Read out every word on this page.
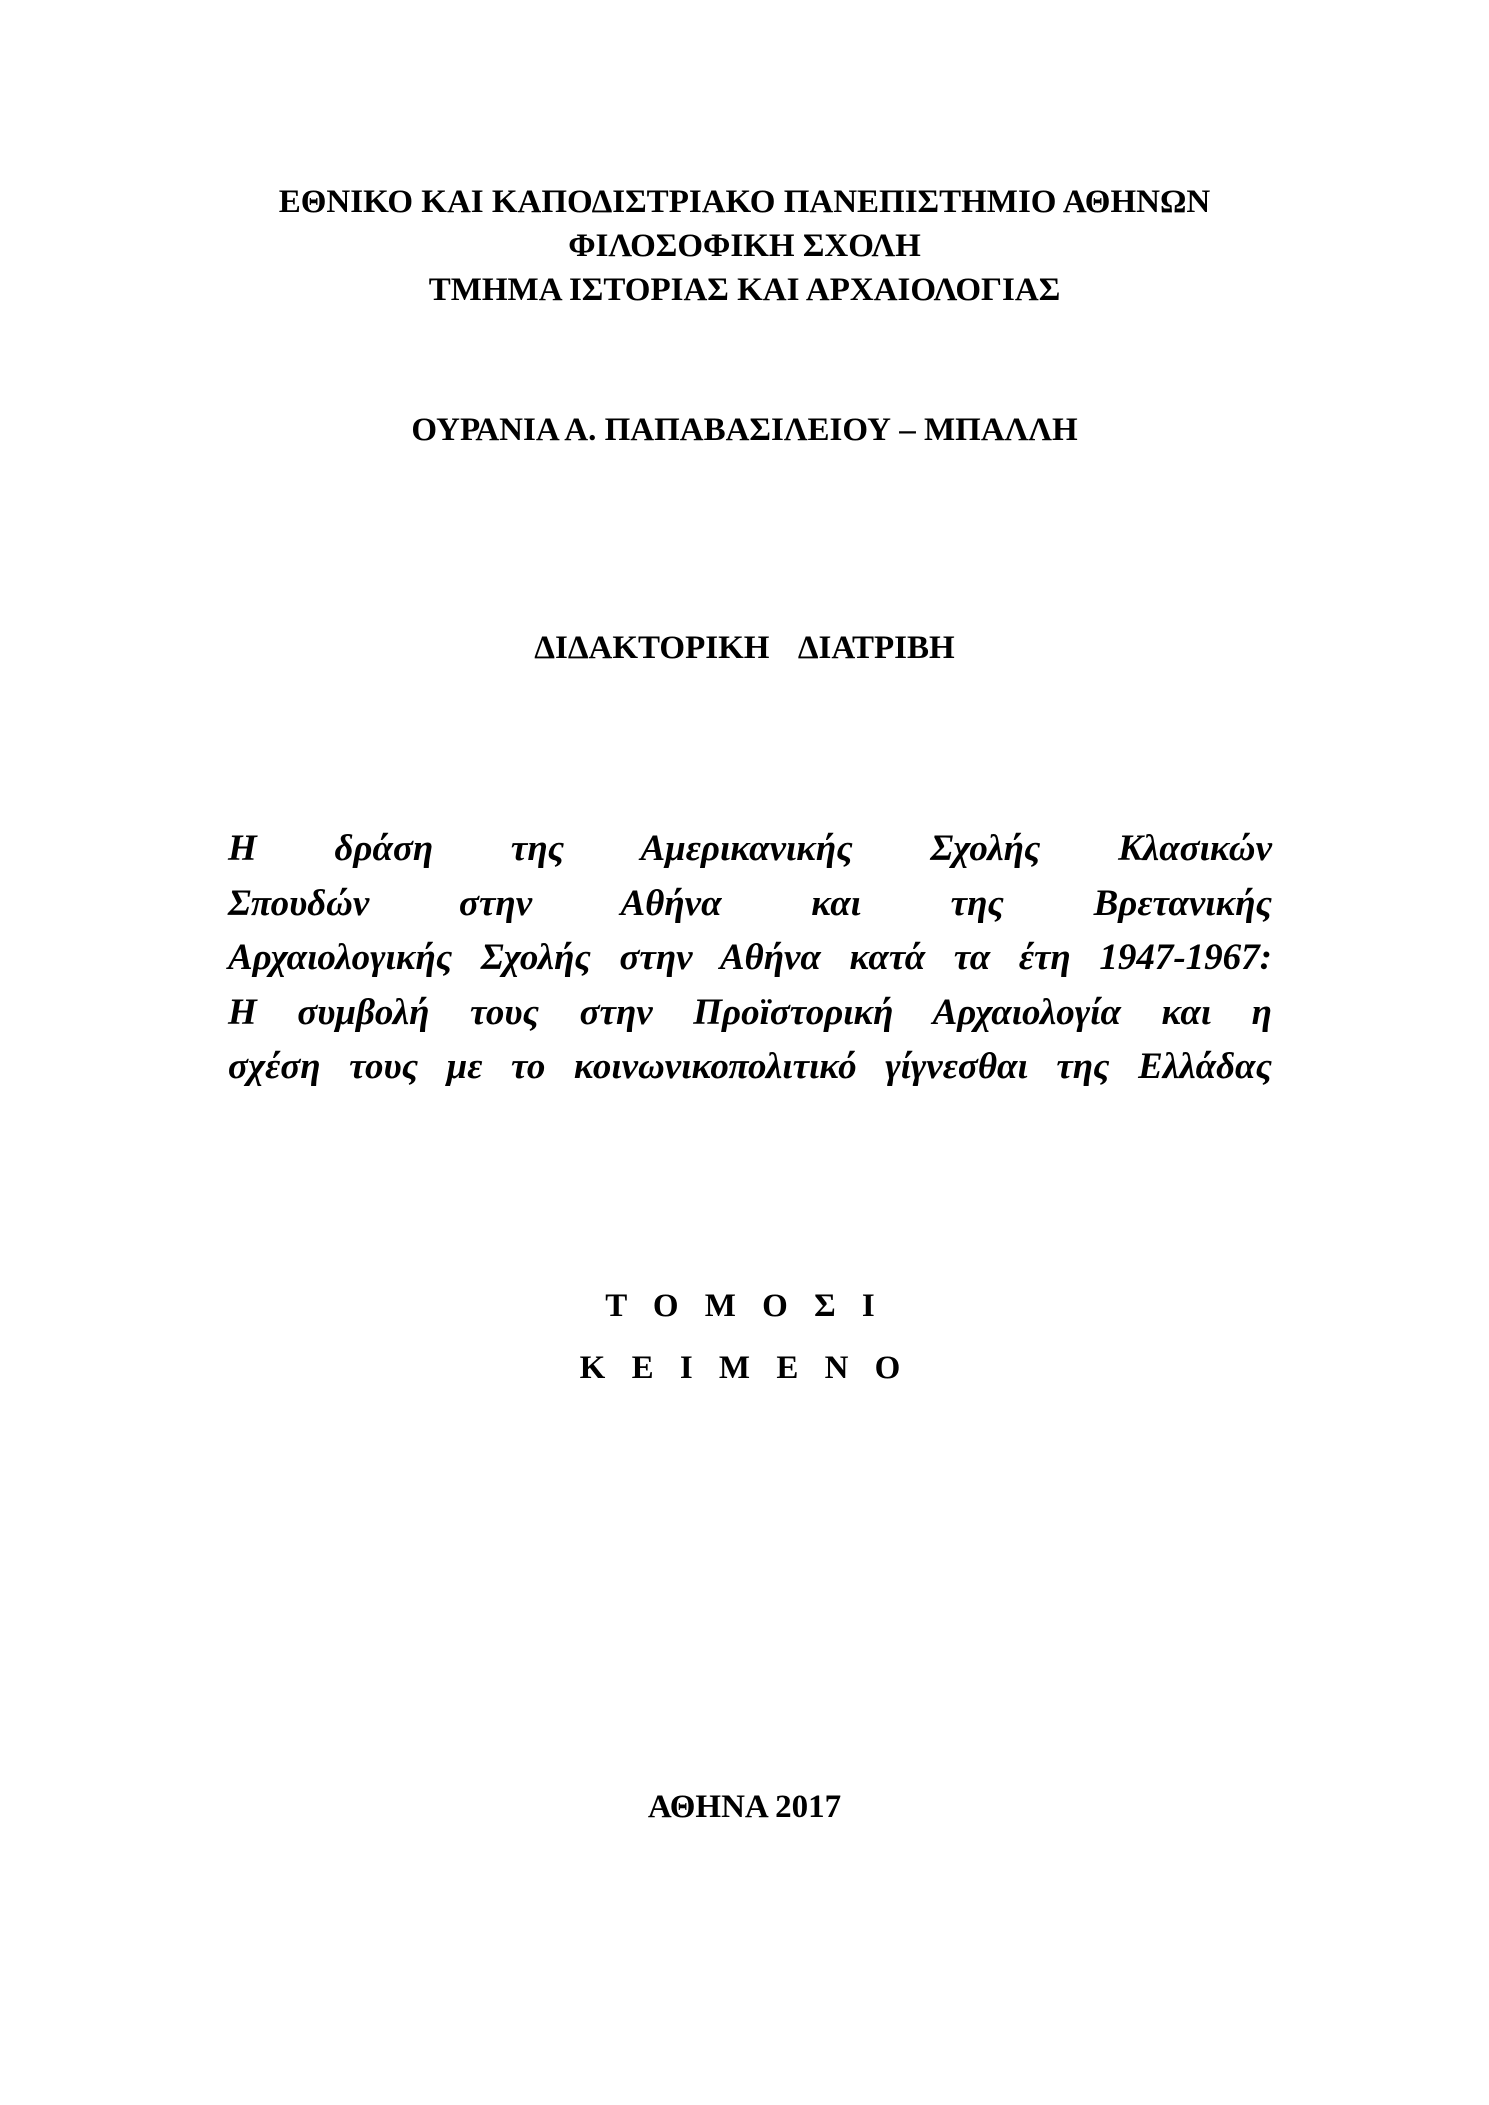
ΕΘΝΙΚΟ ΚΑΙ ΚΑΠΟΔΙΣΤΡΙΑΚΟ ΠΑΝΕΠΙΣΤΗΜΙΟ ΑΘΗΝΩΝ
ΦΙΛΟΣΟΦΙΚΗ ΣΧΟΛΗ
ΤΜΗΜΑ ΙΣΤΟΡΙΑΣ ΚΑΙ ΑΡΧΑΙΟΛΟΓΙΑΣ
ΟΥΡΑΝΙΑ Α. ΠΑΠΑΒΑΣΙΛΕΙΟΥ – ΜΠΑΛΛΗ
ΔΙΔΑΚΤΟΡΙΚΗ ΔΙΑΤΡΙΒΗ
Η δράση της Αμερικανικής Σχολής Κλασικών
Σπουδών στην Αθήνα και της Βρετανικής
Αρχαιολογικής Σχολής στην Αθήνα κατά τα έτη 1947-1967:
Η συμβολή τους στην Προϊστορική Αρχαιολογία και η
σχέση τους με το κοινωνικοπολιτικό γίγνεσθαι της Ελλάδας
Τ Ο Μ Ο Σ Ι
Κ Ε Ι Μ Ε Ν Ο
ΑΘΗΝΑ 2017
